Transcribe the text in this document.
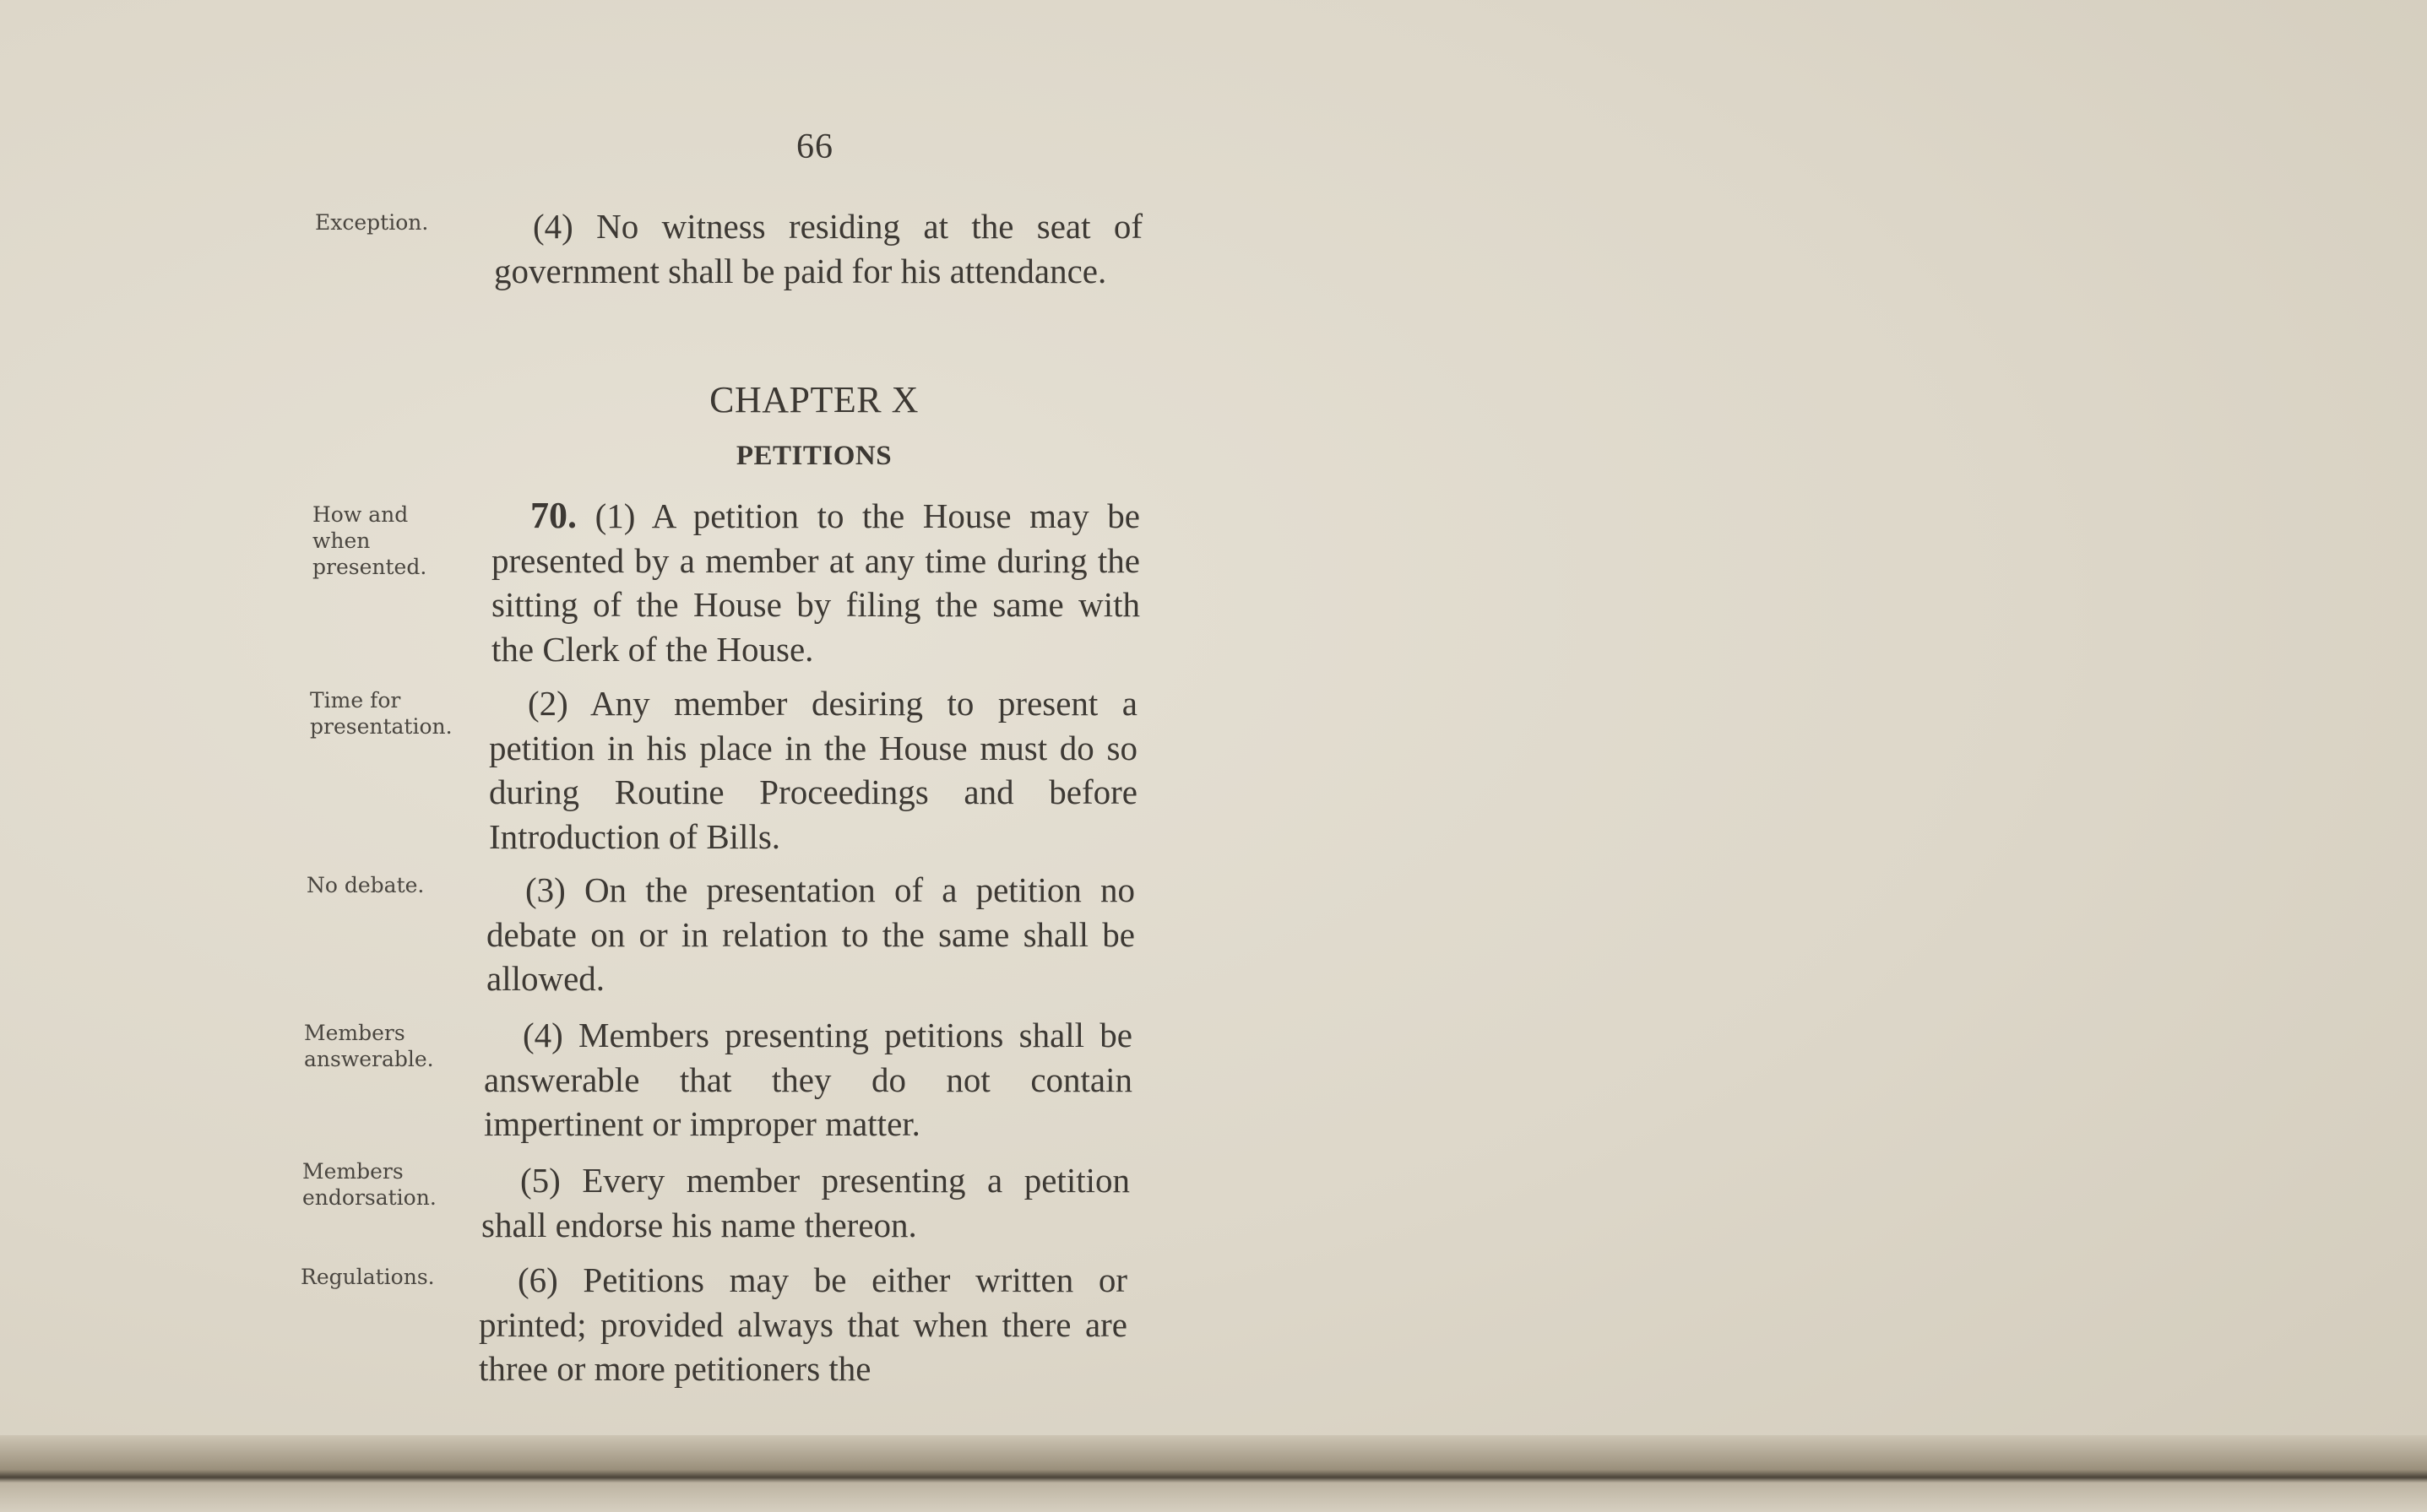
66
Exception.
How and
when
presented.
Time for
presentation.
No debate.
Members
answerable.
Members
endorsation.
Regulations.
(4) No witness residing at the seat of government shall be paid for his attendance.
CHAPTER X
PETITIONS
70. (1) A petition to the House may be presented by a member at any time during the sitting of the House by filing the same with the Clerk of the House.
(2) Any member desiring to present a petition in his place in the House must do so during Routine Proceedings and before Introduction of Bills.
(3) On the presentation of a petition no debate on or in relation to the same shall be allowed.
(4) Members presenting petitions shall be answerable that they do not contain impertinent or improper matter.
(5) Every member presenting a petition shall endorse his name thereon.
(6) Petitions may be either written or printed; provided always that when there are three or more petitioners the
